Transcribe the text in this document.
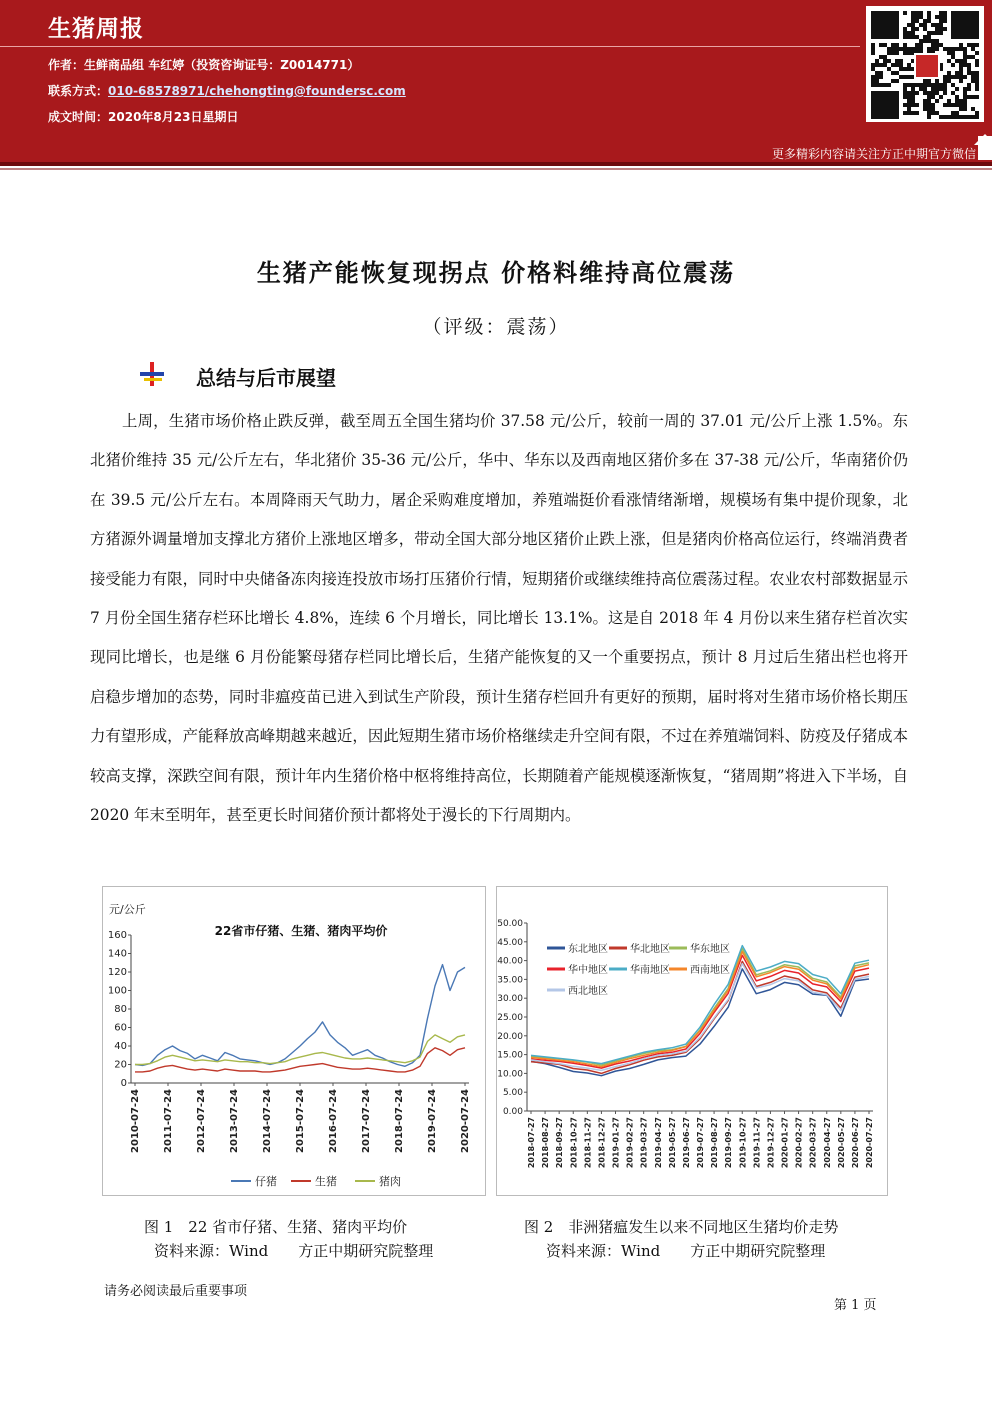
生猪周报
作者：生鲜商品组 车红婷（投资咨询证号：Z0014771）
联系方式：010-68578971/chehongting@foundersc.com
成文时间：2020年8月23日星期日
更多精彩内容请关注方正中期官方微信
生猪产能恢复现拐点 价格料维持高位震荡
（评级：震荡）
总结与后市展望

上周，生猪市场价格止跌反弹，截至周五全国生猪均价 37.58 元/公斤，较前一周的 37.01 元/公斤上涨 1.5%。东北猪价维持 35 元/公斤左右，华北猪价 35-36 元/公斤，华中、华东以及西南地区猪价多在 37-38 元/公斤，华南猪价仍在 39.5 元/公斤左右。本周降雨天气助力，屠企采购难度增加，养殖端挺价看涨情绪渐增，规模场有集中提价现象，北方猪源外调量增加支撑北方猪价上涨地区增多，带动全国大部分地区猪价止跌上涨，但是猪肉价格高位运行，终端消费者接受能力有限，同时中央储备冻肉接连投放市场打压猪价行情，短期猪价或继续维持高位震荡过程。农业农村部数据显示 7 月份全国生猪存栏环比增长 4.8%，连续 6 个月增长，同比增长 13.1%。这是自 2018 年 4 月份以来生猪存栏首次实现同比增长，也是继 6 月份能繁母猪存栏同比增长后，生猪产能恢复的又一个重要拐点，预计 8 月过后生猪出栏也将开启稳步增加的态势，同时非瘟疫苗已进入到试生产阶段，预计生猪存栏回升有更好的预期，届时将对生猪市场价格长期压力有望形成，产能释放高峰期越来越近，因此短期生猪市场价格继续走升空间有限，不过在养殖端饲料、防疫及仔猪成本较高支撑，深跌空间有限，预计年内生猪价格中枢将维持高位，长期随着产能规模逐渐恢复，“猪周期”将进入下半场，自 2020 年末至明年，甚至更长时间猪价预计都将处于漫长的下行周期内。

0
20
40
60
80
100
120
140
160
2010-07-24 2011-07-24 2012-07-24 2013-07-24 2014-07-24 2015-07-24 2016-07-24 2017-07-24 2018-07-24 2019-07-24 2020-07-24
元/公斤
22省市仔猪、生猪、猪肉平均价
仔猪	生猪	猪肉
0.00
5.00
10.00
15.00
20.00
25.00
30.00
35.00
40.00
45.00
50.00
2018-07-27 2018-08-27 2018-09-27 2018-10-27 2018-11-27 2018-12-27 2019-01-27 2019-02-27 2019-03-27 2019-04-27 2019-05-27 2019-06-27 2019-07-27 2019-08-27 2019-09-27 2019-10-27 2019-11-27 2019-12-27 2020-01-27 2020-02-27 2020-03-27 2020-04-27 2020-05-27 2020-06-27 2020-07-27
东北地区 华北地区 华东地区
华中地区 华南地区 西南地区
西北地区
图 1　22 省市仔猪、生猪、猪肉平均价
资料来源：Wind　　方正中期研究院整理
图 2　非洲猪瘟发生以来不同地区生猪均价走势
资料来源：Wind　　方正中期研究院整理
请务必阅读最后重要事项
第 1 页
